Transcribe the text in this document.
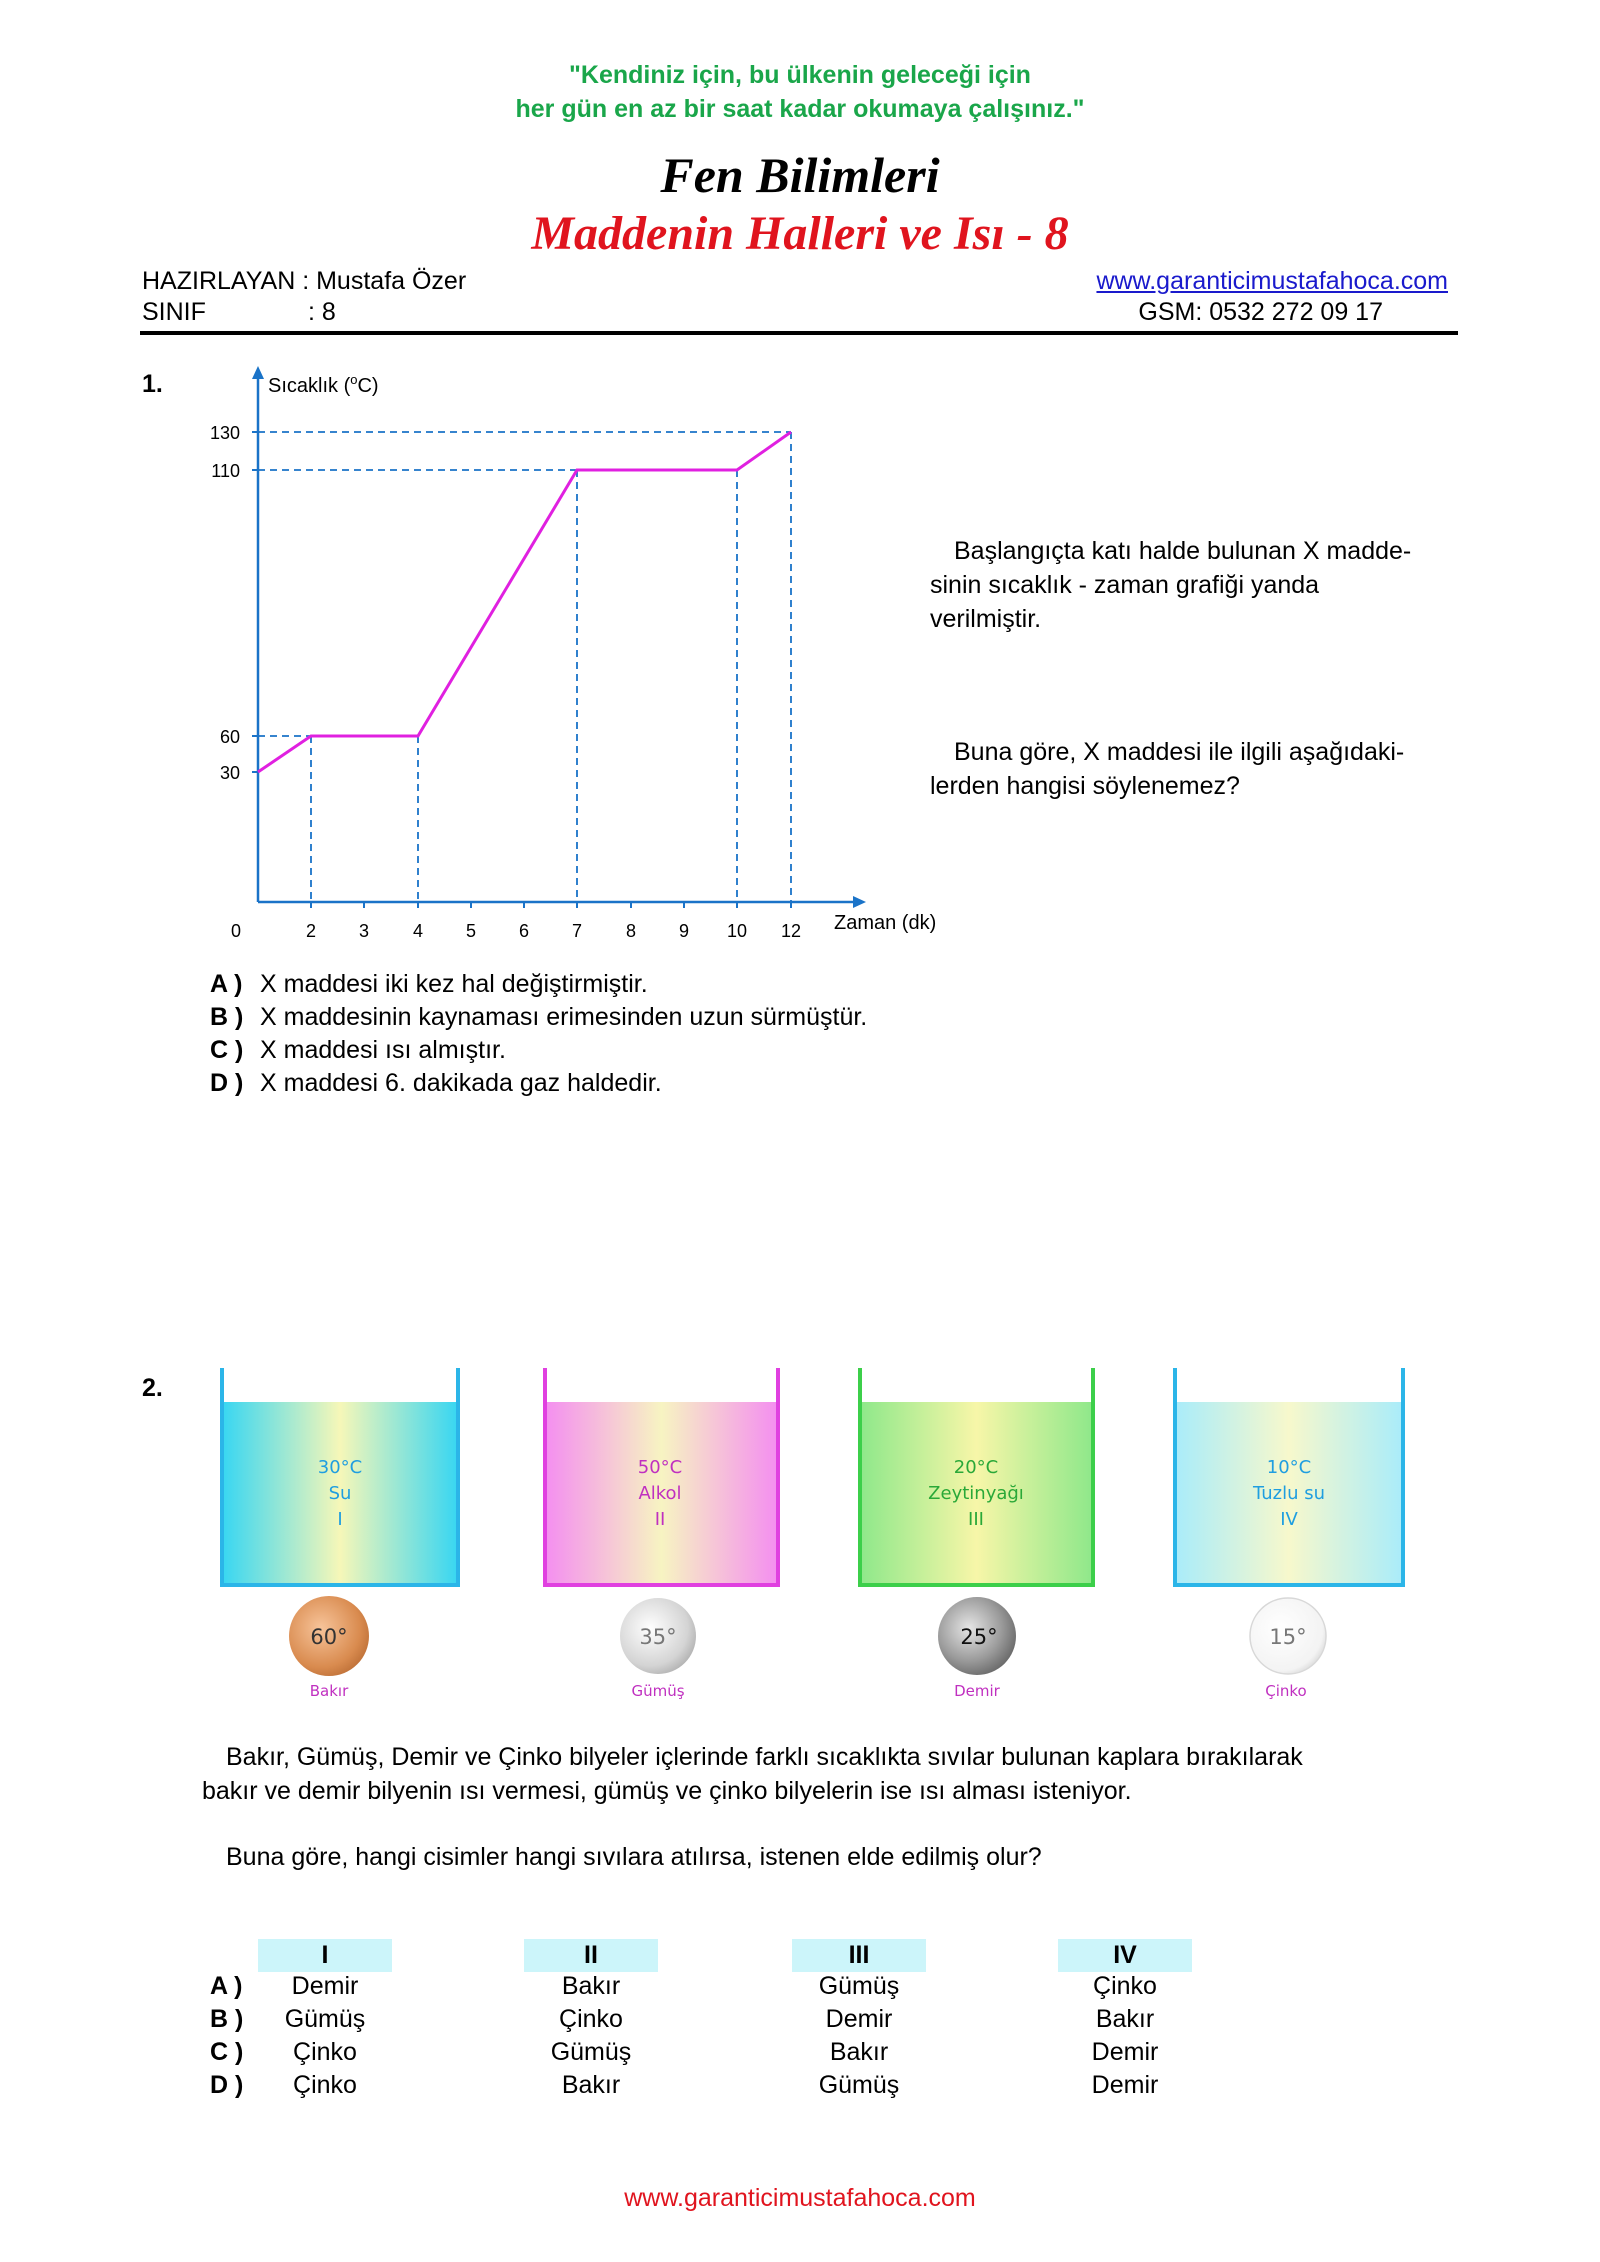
"Kendiniz için, bu ülkenin geleceği için
her gün en az bir saat kadar okumaya çalışınız."
Fen Bilimleri
Maddenin Halleri ve Isı - 8
HAZIRLAYAN : Mustafa Özer
SINIF	: 8
www.garanticimustafahoca.com
GSM: 0532 272 09 17
1.
30
60
110
130
0	2 3 4 5 6 7 8 9 10 12
Sıcaklık ($^o$C)
Zaman (dk)
Başlangıçta katı halde bulunan X madde-
sinin sıcaklık - zaman grafiği yanda
verilmiştir.
Buna göre, X maddesi ile ilgili aşağıdaki-
lerden hangisi söylenemez?
A ) X maddesi iki kez hal değiştirmiştir.
B ) X maddesinin kaynaması erimesinden uzun sürmüştür.
C ) X maddesi ısı almıştır.
D ) X maddesi 6. dakikada gaz haldedir.
2.
30°C
Su
I
50°C
Alkol
II
20°C
Zeytinyağı
III
10°C
Tuzlu su
IV
60°
Bakır
35°
Gümüş
25°
Demir
15°
Çinko
Bakır, Gümüş, Demir ve Çinko bilyeler içlerinde farklı sıcaklıkta sıvılar bulunan kaplara bırakılarak
bakır ve demir bilyenin ısı vermesi, gümüş ve çinko bilyelerin ise ısı alması isteniyor.
Buna göre, hangi cisimler hangi sıvılara atılırsa, istenen elde edilmiş olur?
I	II	III	IV
A )	Demir	Bakır	Gümüş	Çinko
B )	Gümüş	Çinko	Demir	Bakır
C )	Çinko	Gümüş	Bakır	Demir
D )	Çinko	Bakır	Gümüş	Demir
www.garanticimustafahoca.com
